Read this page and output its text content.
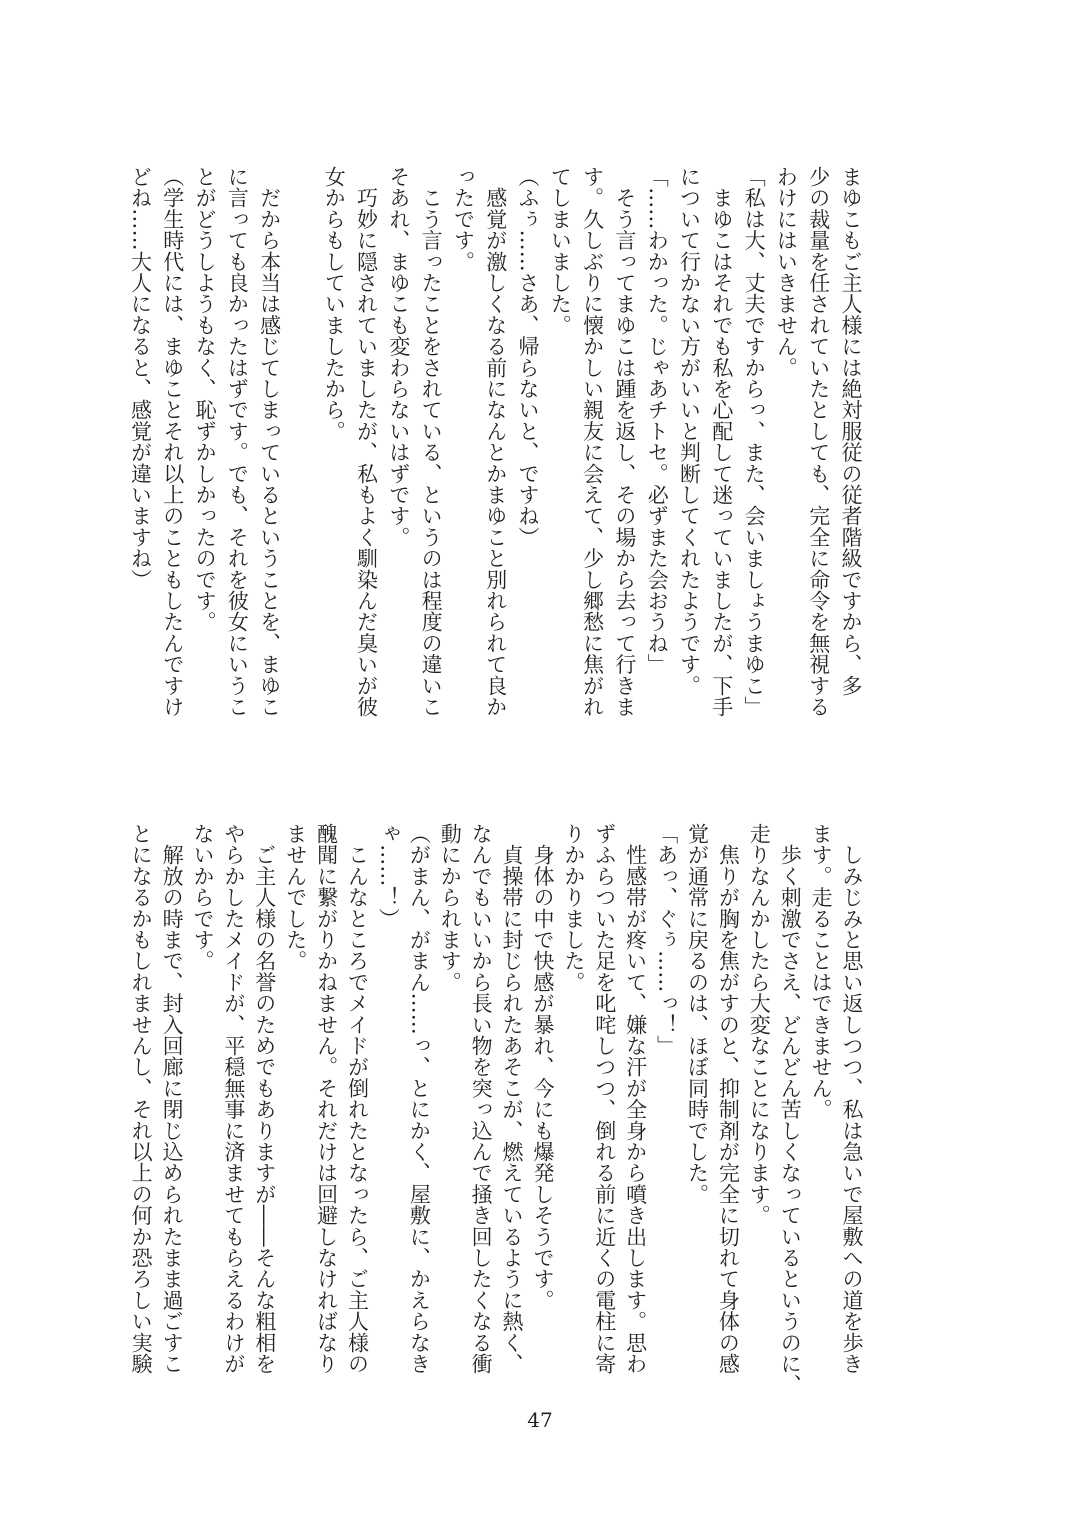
まゆこもご主人様には絶対服従の従者階級ですから、多
少の裁量を任されていたとしても、完全に命令を無視する
わけにはいきません。
「私は大、丈夫ですからっ、また、会いましょうまゆこ」
　まゆこはそれでも私を心配して迷っていましたが、下手
について行かない方がいいと判断してくれたようです。
「……わかった。じゃあチトセ。必ずまた会おうね」
　そう言ってまゆこは踵を返し、その場から去って行きま
す。久しぶりに懐かしい親友に会えて、少し郷愁に焦がれ
てしまいました。
（ふぅ……さあ、帰らないと、ですね）
　感覚が激しくなる前になんとかまゆこと別れられて良か
ったです。
　こう言ったことをされている、というのは程度の違いこ
そあれ、まゆこも変わらないはずです。
　巧妙に隠されていましたが、私もよく馴染んだ臭いが彼
女からもしていましたから。
　だから本当は感じてしまっているということを、まゆこ
に言っても良かったはずです。でも、それを彼女にいうこ
とがどうしようもなく、恥ずかしかったのです。
（学生時代には、まゆことそれ以上のこともしたんですけ
どね……大人になると、感覚が違いますね）
　しみじみと思い返しつつ、私は急いで屋敷への道を歩き
ます。走ることはできません。
　歩く刺激でさえ、どんどん苦しくなっているというのに、
走りなんかしたら大変なことになります。
　焦りが胸を焦がすのと、抑制剤が完全に切れて身体の感
覚が通常に戻るのは、ほぼ同時でした。
「あっ、ぐぅ……っ！」
　性感帯が疼いて、嫌な汗が全身から噴き出します。思わ
ずふらついた足を叱咤しつつ、倒れる前に近くの電柱に寄
りかかりました。
　身体の中で快感が暴れ、今にも爆発しそうです。
　貞操帯に封じられたあそこが、燃えているように熱く、
なんでもいいから長い物を突っ込んで掻き回したくなる衝
動にかられます。
（がまん、がまん……っ、とにかく、屋敷に、かえらなき
ゃ……！）
　こんなところでメイドが倒れたとなったら、ご主人様の
醜聞に繋がりかねません。それだけは回避しなければなり
ませんでした。
　ご主人様の名誉のためでもありますが――そんな粗相を
やらかしたメイドが、平穏無事に済ませてもらえるわけが
ないからです。
　解放の時まで、封入回廊に閉じ込められたまま過ごすこ
とになるかもしれませんし、それ以上の何か恐ろしい実験
47
